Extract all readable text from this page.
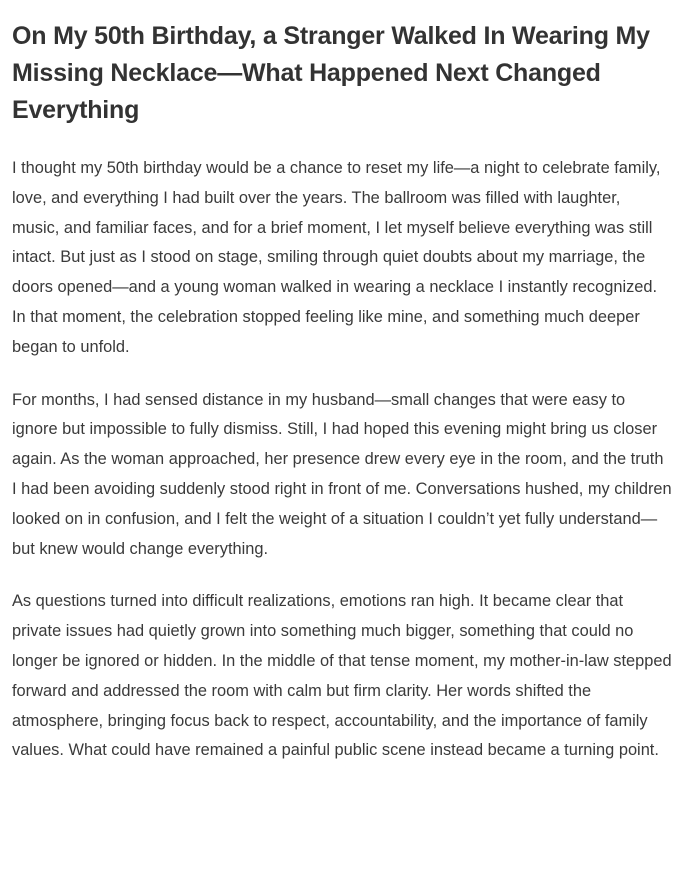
On My 50th Birthday, a Stranger Walked In Wearing My Missing Necklace—What Happened Next Changed Everything

I thought my 50th birthday would be a chance to reset my life—a night to celebrate family, love, and everything I had built over the years. The ballroom was filled with laughter, music, and familiar faces, and for a brief moment, I let myself believe everything was still intact. But just as I stood on stage, smiling through quiet doubts about my marriage, the doors opened—and a young woman walked in wearing a necklace I instantly recognized. In that moment, the celebration stopped feeling like mine, and something much deeper began to unfold.

For months, I had sensed distance in my husband—small changes that were easy to ignore but impossible to fully dismiss. Still, I had hoped this evening might bring us closer again. As the woman approached, her presence drew every eye in the room, and the truth I had been avoiding suddenly stood right in front of me. Conversations hushed, my children looked on in confusion, and I felt the weight of a situation I couldn’t yet fully understand—but knew would change everything.

As questions turned into difficult realizations, emotions ran high. It became clear that private issues had quietly grown into something much bigger, something that could no longer be ignored or hidden. In the middle of that tense moment, my mother-in-law stepped forward and addressed the room with calm but firm clarity. Her words shifted the atmosphere, bringing focus back to respect, accountability, and the importance of family values. What could have remained a painful public scene instead became a turning point.
